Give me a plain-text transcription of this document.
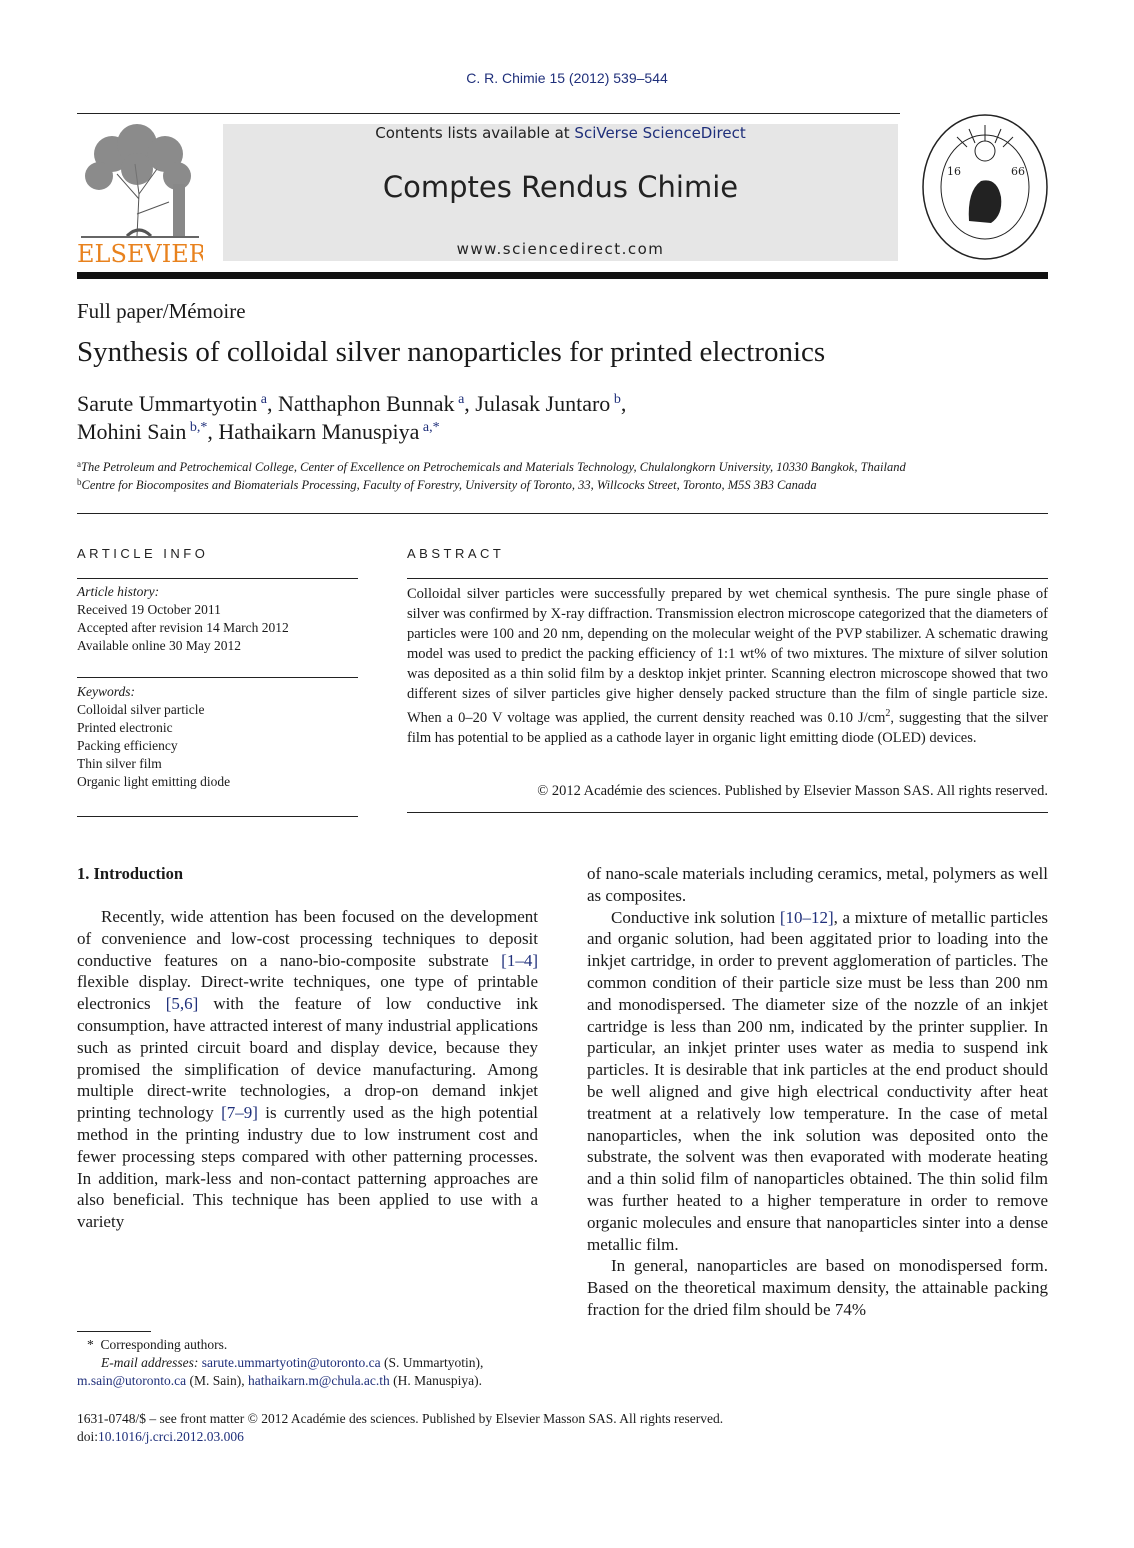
C. R. Chimie 15 (2012) 539–544
ELSEVIER
Contents lists available at SciVerse ScienceDirect
Comptes Rendus Chimie
www.sciencedirect.com
16	66
Full paper/Mémoire
Synthesis of colloidal silver nanoparticles for printed electronics
Sarute Ummartyotin $^a$, Natthaphon Bunnak $^a$, Julasak Juntaro $^b$,
Mohini Sain $^{b,*}$, Hathaikarn Manuspiya $^{a,*}$
$^a$The Petroleum and Petrochemical College, Center of Excellence on Petrochemicals and Materials Technology, Chulalongkorn University, 10330 Bangkok, Thailand
$^b$Centre for Biocomposites and Biomaterials Processing, Faculty of Forestry, University of Toronto, 33, Willcocks Street, Toronto, M5S 3B3 Canada
ARTICLE INFO	ABSTRACT
Article history:
Received 19 October 2011
Accepted after revision 14 March 2012
Available online 30 May 2012
Keywords:
Colloidal silver particle
Printed electronic
Packing efficiency
Thin silver film
Organic light emitting diode
Colloidal silver particles were successfully prepared by wet chemical synthesis. The pure single phase of silver was confirmed by X-ray diffraction. Transmission electron microscope categorized that the diameters of particles were 100 and 20 nm, depending on the molecular weight of the PVP stabilizer. A schematic drawing model was used to predict the packing efficiency of 1:1 wt% of two mixtures. The mixture of silver solution was deposited as a thin solid film by a desktop inkjet printer. Scanning electron microscope showed that two different sizes of silver particles give higher densely packed structure than the film of single particle size. When a 0–20 V voltage was applied, the current density reached was 0.10 $J/cm^2$, suggesting that the silver film has potential to be applied as a cathode layer in organic light emitting diode (OLED) devices.
© 2012 Académie des sciences. Published by Elsevier Masson SAS. All rights reserved.
1. Introduction

Recently, wide attention has been focused on the development of convenience and low-cost processing techniques to deposit conductive features on a nano-bio-composite substrate [1–4] flexible display. Direct-write techniques, one type of printable electronics [5,6] with the feature of low conductive ink consumption, have attracted interest of many industrial applications such as printed circuit board and display device, because they promised the simplification of device manufacturing. Among multiple direct-write technologies, a drop-on demand inkjet printing technology [7–9] is currently used as the high potential method in the printing industry due to low instrument cost and fewer processing steps compared with other patterning processes. In addition, mark-less and non-contact patterning approaches are also beneficial. This technique has been applied to use with a variety

of nano-scale materials including ceramics, metal, polymers as well as composites.

Conductive ink solution [10–12], a mixture of metallic particles and organic solution, had been aggitated prior to loading into the inkjet cartridge, in order to prevent agglomeration of particles. The common condition of their particle size must be less than 200 nm and monodispersed. The diameter size of the nozzle of an inkjet cartridge is less than 200 nm, indicated by the printer supplier. In particular, an inkjet printer uses water as media to suspend ink particles. It is desirable that ink particles at the end product should be well aligned and give high electrical conductivity after heat treatment at a relatively low temperature. In the case of metal nanoparticles, when the ink solution was deposited onto the substrate, the solvent was then evaporated with moderate heating and a thin solid film of nanoparticles obtained. The thin solid film was further heated to a higher temperature in order to remove organic molecules and ensure that nanoparticles sinter into a dense metallic film.

In general, nanoparticles are based on monodispersed form. Based on the theoretical maximum density, the attainable packing fraction for the dried film should be 74%

* Corresponding authors.
E-mail addresses: sarute.ummartyotin@utoronto.ca (S. Ummartyotin),
m.sain@utoronto.ca (M. Sain), hathaikarn.m@chula.ac.th (H. Manuspiya).
1631-0748/$ – see front matter © 2012 Académie des sciences. Published by Elsevier Masson SAS. All rights reserved.
doi:10.1016/j.crci.2012.03.006
